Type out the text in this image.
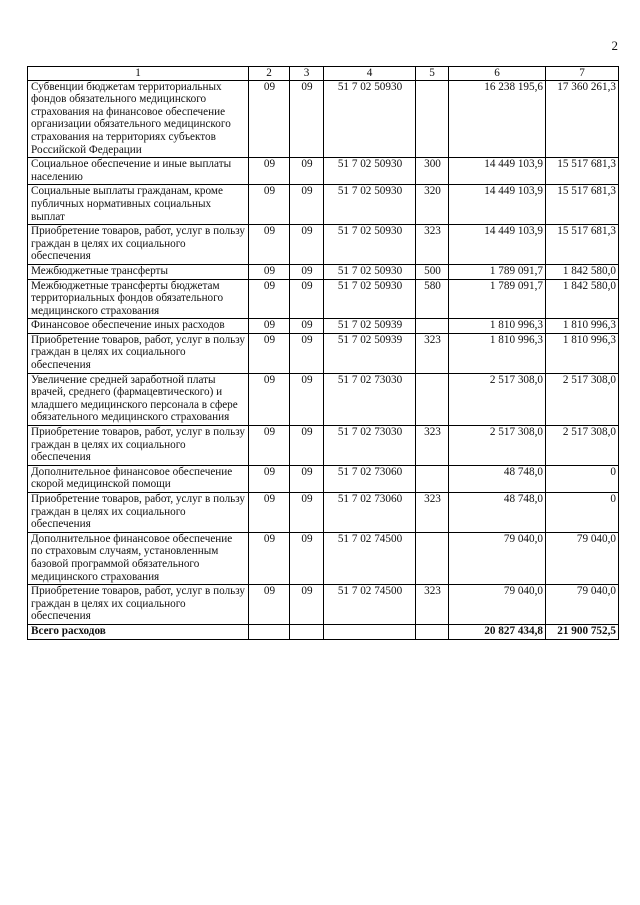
2
1	2	3	4	5	6	7
Субвенции бюджетам территориальных фондов обязательного медицинского страхования на финансовое обеспечение организации обязательного медицинского страхования на территориях субъектов Российской Федерации	09	09	51 7 02 50930		16 238 195,6	17 360 261,3
Социальное обеспечение и иные выплаты населению	09	09	51 7 02 50930	300	14 449 103,9	15 517 681,3
Социальные выплаты гражданам, кроме публичных нормативных социальных выплат	09	09	51 7 02 50930	320	14 449 103,9	15 517 681,3
Приобретение товаров, работ, услуг в пользу граждан в целях их социального обеспечения	09	09	51 7 02 50930	323	14 449 103,9	15 517 681,3
Межбюджетные трансферты	09	09	51 7 02 50930	500	1 789 091,7	1 842 580,0
Межбюджетные трансферты бюджетам территориальных фондов обязательного медицинского страхования	09	09	51 7 02 50930	580	1 789 091,7	1 842 580,0
Финансовое обеспечение иных расходов	09	09	51 7 02 50939		1 810 996,3	1 810 996,3
Приобретение товаров, работ, услуг в пользу граждан в целях их социального обеспечения	09	09	51 7 02 50939	323	1 810 996,3	1 810 996,3
Увеличение средней заработной платы врачей, среднего (фармацевтического) и младшего медицинского персонала в сфере обязательного медицинского страхования	09	09	51 7 02 73030		2 517 308,0	2 517 308,0
Приобретение товаров, работ, услуг в пользу граждан в целях их социального обеспечения	09	09	51 7 02 73030	323	2 517 308,0	2 517 308,0
Дополнительное финансовое обеспечение скорой медицинской помощи	09	09	51 7 02 73060		48 748,0	0
Приобретение товаров, работ, услуг в пользу граждан в целях их социального обеспечения	09	09	51 7 02 73060	323	48 748,0	0
Дополнительное финансовое обеспечение по страховым случаям, установленным базовой программой обязательного медицинского страхования	09	09	51 7 02 74500		79 040,0	79 040,0
Приобретение товаров, работ, услуг в пользу граждан в целях их социального обеспечения	09	09	51 7 02 74500	323	79 040,0	79 040,0
Всего расходов					20 827 434,8	21 900 752,5
